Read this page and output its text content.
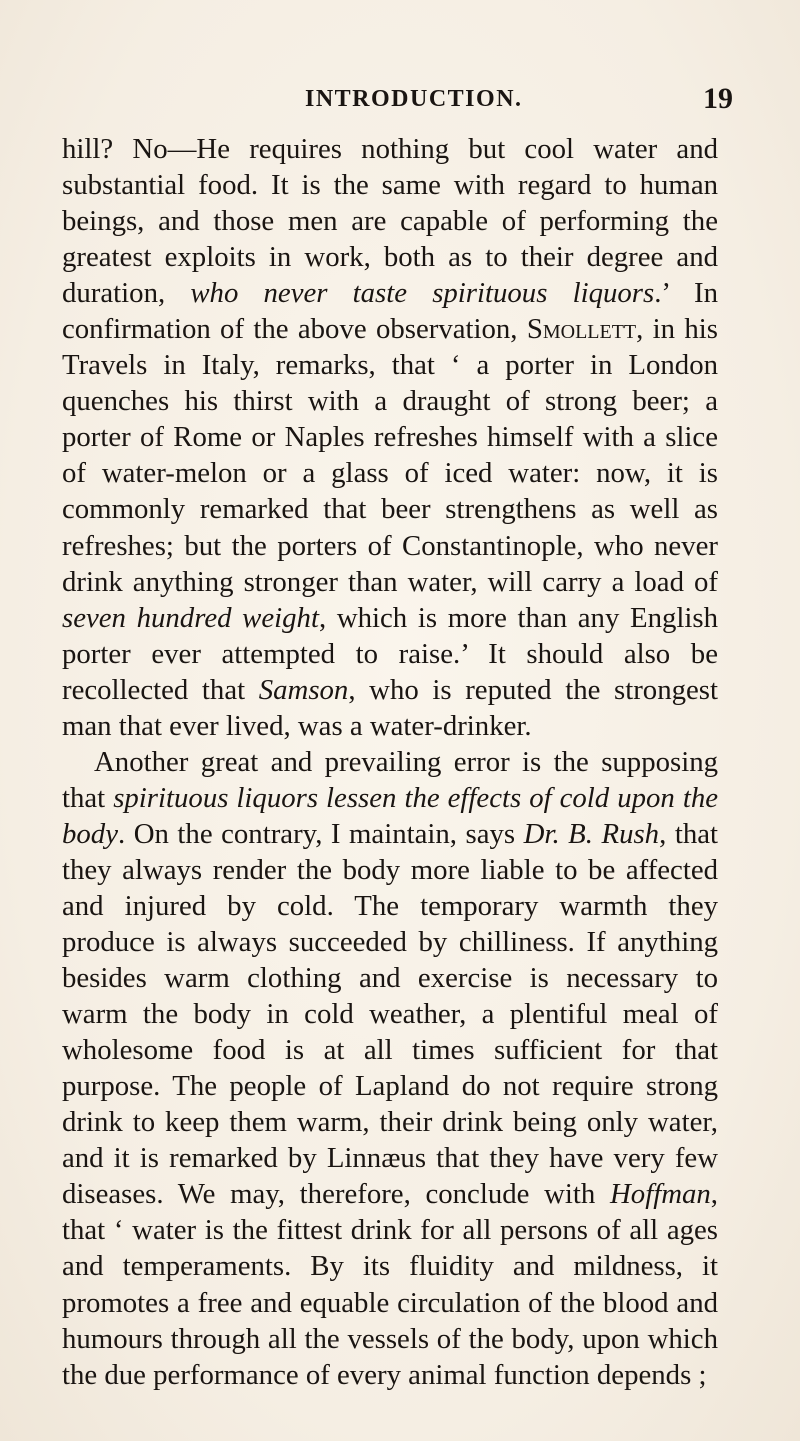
INTRODUCTION.	19

hill? No—He requires nothing but cool water and substantial food. It is the same with regard to human beings, and those men are capable of performing the greatest exploits in work, both as to their degree and duration, who never taste spirituous liquors.’ In confirmation of the above observation, Smollett, in his Travels in Italy, remarks, that ‘ a porter in London quenches his thirst with a draught of strong beer; a porter of Rome or Naples refreshes himself with a slice of water-melon or a glass of iced water: now, it is commonly remarked that beer strengthens as well as refreshes; but the porters of Constantinople, who never drink anything stronger than water, will carry a load of seven hundred weight, which is more than any English porter ever attempted to raise.’ It should also be recollected that Samson, who is reputed the strongest man that ever lived, was a water-drinker.

Another great and prevailing error is the supposing that spirituous liquors lessen the effects of cold upon the body. On the contrary, I maintain, says Dr. B. Rush, that they always render the body more liable to be affected and injured by cold. The temporary warmth they produce is always succeeded by chilliness. If anything besides warm clothing and exercise is necessary to warm the body in cold weather, a plentiful meal of wholesome food is at all times sufficient for that purpose. The people of Lapland do not require strong drink to keep them warm, their drink being only water, and it is remarked by Linnæus that they have very few diseases. We may, therefore, conclude with Hoffman, that ‘ water is the fittest drink for all persons of all ages and temperaments. By its fluidity and mildness, it promotes a free and equable circulation of the blood and humours through all the vessels of the body, upon which the due performance of every animal function depends ;
